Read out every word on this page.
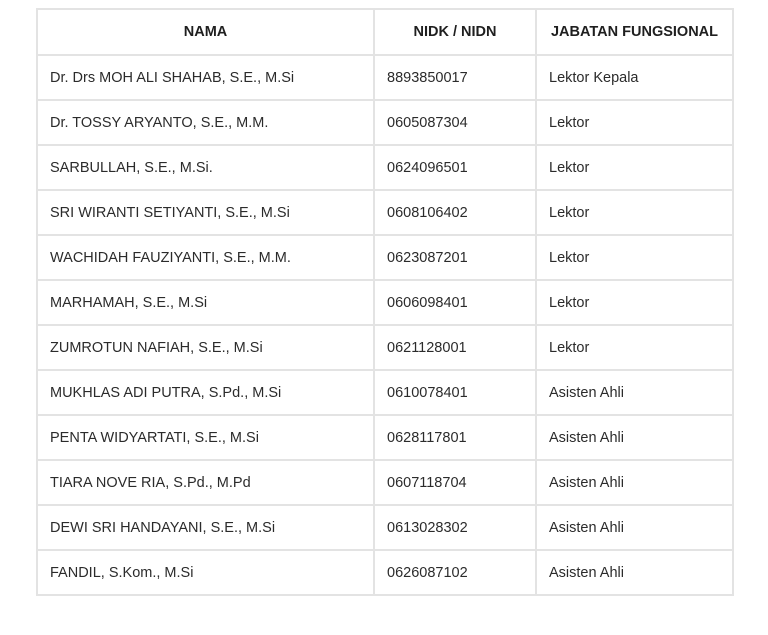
NAMA	NIDK / NIDN	JABATAN FUNGSIONAL
Dr. Drs MOH ALI SHAHAB, S.E., M.Si	8893850017	Lektor Kepala
Dr. TOSSY ARYANTO, S.E., M.M.	0605087304	Lektor
SARBULLAH, S.E., M.Si.	0624096501	Lektor
SRI WIRANTI SETIYANTI, S.E., M.Si	0608106402	Lektor
WACHIDAH FAUZIYANTI, S.E., M.M.	0623087201	Lektor
MARHAMAH, S.E., M.Si	0606098401	Lektor
ZUMROTUN NAFIAH, S.E., M.Si	0621128001	Lektor
MUKHLAS ADI PUTRA, S.Pd., M.Si	0610078401	Asisten Ahli
PENTA WIDYARTATI, S.E., M.Si	0628117801	Asisten Ahli
TIARA NOVE RIA, S.Pd., M.Pd	0607118704	Asisten Ahli
DEWI SRI HANDAYANI, S.E., M.Si	0613028302	Asisten Ahli
FANDIL, S.Kom., M.Si	0626087102	Asisten Ahli
